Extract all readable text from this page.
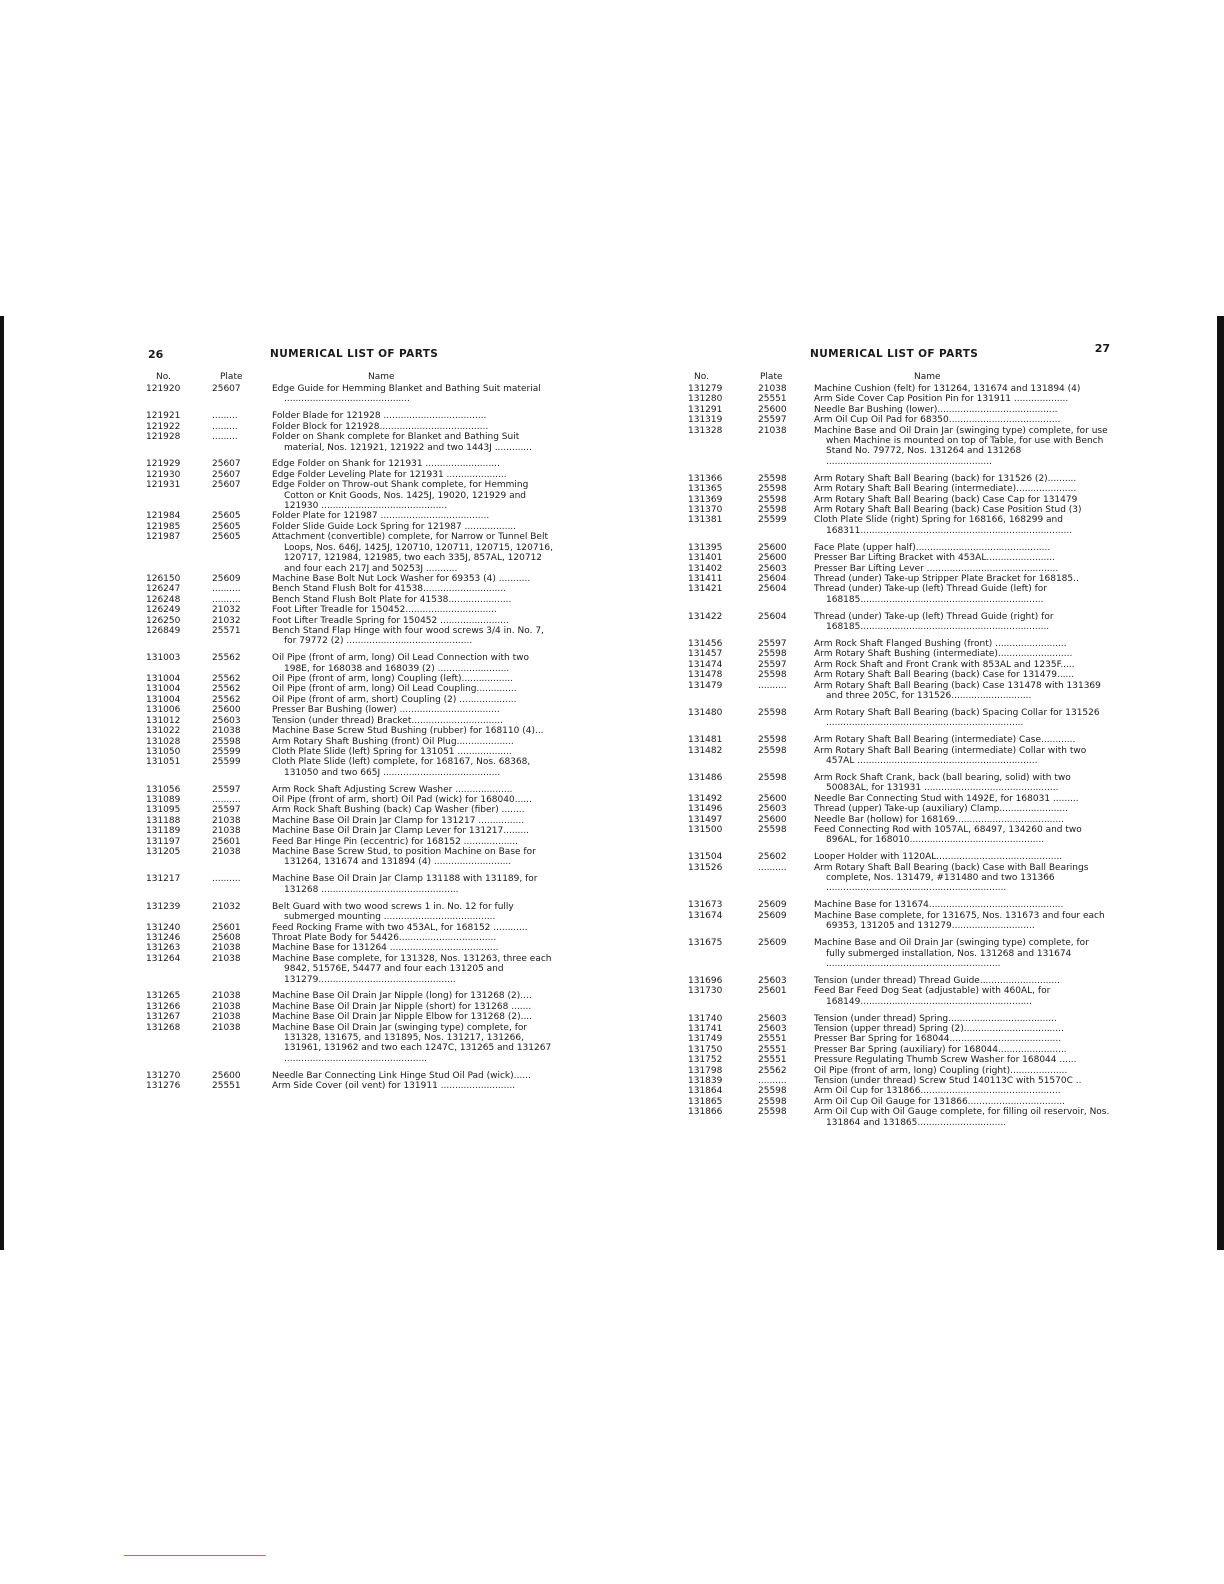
26	NUMERICAL LIST OF PARTS
No.	Plate	Name
121920	25607	Edge Guide for Hemming Blanket and Bathing Suit material ............................................
121921	.........	Folder Blade for 121928 ....................................
121922	.........	Folder Block for 121928......................................
121928	.........	Folder on Shank complete for Blanket and Bathing Suit material, Nos. 121921, 121922 and two 1443J .............
121929	25607	Edge Folder on Shank for 121931 ..........................
121930	25607	Edge Folder Leveling Plate for 121931 .....................
121931	25607	Edge Folder on Throw-out Shank complete, for Hemming Cotton or Knit Goods, Nos. 1425J, 19020, 121929 and 121930 ............................................
121984	25605	Folder Plate for 121987 ......................................
121985	25605	Folder Slide Guide Lock Spring for 121987 ..................
121987	25605	Attachment (convertible) complete, for Narrow or Tunnel Belt Loops, Nos. 646J, 1425J, 120710, 120711, 120715, 120716, 120717, 121984, 121985, two each 335J, 857AL, 120712 and four each 217J and 50253J ...........
126150	25609	Machine Base Bolt Nut Lock Washer for 69353 (4) ...........
126247	..........	Bench Stand Flush Bolt for 41538.............................
126248	..........	Bench Stand Flush Bolt Plate for 41538......................
126249	21032	Foot Lifter Treadle for 150452................................
126250	21032	Foot Lifter Treadle Spring for 150452 ........................
126849	25571	Bench Stand Flap Hinge with four wood screws 3/4 in. No. 7, for 79772 (2) ............................................
131003	25562	Oil Pipe (front of arm, long) Oil Lead Connection with two 198E, for 168038 and 168039 (2) .........................
131004	25562	Oil Pipe (front of arm, long) Coupling (left)..................
131004	25562	Oil Pipe (front of arm, long) Oil Lead Coupling..............
131004	25562	Oil Pipe (front of arm, short) Coupling (2) ....................
131006	25600	Presser Bar Bushing (lower) ...................................
131012	25603	Tension (under thread) Bracket................................
131022	21038	Machine Base Screw Stud Bushing (rubber) for 168110 (4)...
131028	25598	Arm Rotary Shaft Bushing (front) Oil Plug....................
131050	25599	Cloth Plate Slide (left) Spring for 131051 ...................
131051	25599	Cloth Plate Slide (left) complete, for 168167, Nos. 68368, 131050 and two 665J .........................................
131056	25597	Arm Rock Shaft Adjusting Screw Washer ....................
131089	..........	Oil Pipe (front of arm, short) Oil Pad (wick) for 168040......
131095	25597	Arm Rock Shaft Bushing (back) Cap Washer (fiber) ........
131188	21038	Machine Base Oil Drain Jar Clamp for 131217 ................
131189	21038	Machine Base Oil Drain Jar Clamp Lever for 131217.........
131197	25601	Feed Bar Hinge Pin (eccentric) for 168152 ...................
131205	21038	Machine Base Screw Stud, to position Machine on Base for 131264, 131674 and 131894 (4) ...........................
131217	..........	Machine Base Oil Drain Jar Clamp 131188 with 131189, for 131268 ................................................
131239	21032	Belt Guard with two wood screws 1 in. No. 12 for fully submerged mounting .......................................
131240	25601	Feed Rocking Frame with two 453AL, for 168152 ............
131246	25608	Throat Plate Body for 54426..................................
131263	21038	Machine Base for 131264 ......................................
131264	21038	Machine Base complete, for 131328, Nos. 131263, three each 9842, 51576E, 54477 and four each 131205 and 131279................................................
131265	21038	Machine Base Oil Drain Jar Nipple (long) for 131268 (2)....
131266	21038	Machine Base Oil Drain Jar Nipple (short) for 131268 .......
131267	21038	Machine Base Oil Drain Jar Nipple Elbow for 131268 (2)....
131268	21038	Machine Base Oil Drain Jar (swinging type) complete, for 131328, 131675, and 131895, Nos. 131217, 131266, 131961, 131962 and two each 1247C, 131265 and 131267 ..................................................
131270	25600	Needle Bar Connecting Link Hinge Stud Oil Pad (wick)......
131276	25551	Arm Side Cover (oil vent) for 131911 ..........................
NUMERICAL LIST OF PARTS	27
No.	Plate	Name
131279	21038	Machine Cushion (felt) for 131264, 131674 and 131894 (4)
131280	25551	Arm Side Cover Cap Position Pin for 131911 ...................
131291	25600	Needle Bar Bushing (lower)..........................................
131319	25597	Arm Oil Cup Oil Pad for 68350.......................................
131328	21038	Machine Base and Oil Drain Jar (swinging type) complete, for use when Machine is mounted on top of Table, for use with Bench Stand No. 79772, Nos. 131264 and 131268 ..........................................................
131366	25598	Arm Rotary Shaft Ball Bearing (back) for 131526 (2)..........
131365	25598	Arm Rotary Shaft Ball Bearing (intermediate).....................
131369	25598	Arm Rotary Shaft Ball Bearing (back) Case Cap for 131479
131370	25598	Arm Rotary Shaft Ball Bearing (back) Case Position Stud (3)
131381	25599	Cloth Plate Slide (right) Spring for 168166, 168299 and 168311..........................................................................
131395	25600	Face Plate (upper half)...............................................
131401	25600	Presser Bar Lifting Bracket with 453AL........................
131402	25603	Presser Bar Lifting Lever ..............................................
131411	25604	Thread (under) Take-up Stripper Plate Bracket for 168185..
131421	25604	Thread (under) Take-up (left) Thread Guide (left) for 168185................................................................
131422	25604	Thread (under) Take-up (left) Thread Guide (right) for 168185..................................................................
131456	25597	Arm Rock Shaft Flanged Bushing (front) .........................
131457	25598	Arm Rotary Shaft Bushing (intermediate)..........................
131474	25597	Arm Rock Shaft and Front Crank with 853AL and 1235F.....
131478	25598	Arm Rotary Shaft Ball Bearing (back) Case for 131479......
131479	..........	Arm Rotary Shaft Ball Bearing (back) Case 131478 with 131369 and three 205C, for 131526............................
131480	25598	Arm Rotary Shaft Ball Bearing (back) Spacing Collar for 131526 .....................................................................
131481	25598	Arm Rotary Shaft Ball Bearing (intermediate) Case............
131482	25598	Arm Rotary Shaft Ball Bearing (intermediate) Collar with two 457AL ...............................................................
131486	25598	Arm Rock Shaft Crank, back (ball bearing, solid) with two 50083AL, for 131931 ...............................................
131492	25600	Needle Bar Connecting Stud with 1492E, for 168031 .........
131496	25603	Thread (upper) Take-up (auxiliary) Clamp........................
131497	25600	Needle Bar (hollow) for 168169......................................
131500	25598	Feed Connecting Rod with 1057AL, 68497, 134260 and two 896AL, for 168010...............................................
131504	25602	Looper Holder with 1120AL............................................
131526	..........	Arm Rotary Shaft Ball Bearing (back) Case with Ball Bearings complete, Nos. 131479, #131480 and two 131366 ...............................................................
131673	25609	Machine Base for 131674...............................................
131674	25609	Machine Base complete, for 131675, Nos. 131673 and four each 69353, 131205 and 131279.............................
131675	25609	Machine Base and Oil Drain Jar (swinging type) complete, for fully submerged installation, Nos. 131268 and 131674 .............................................................
131696	25603	Tension (under thread) Thread Guide............................
131730	25601	Feed Bar Feed Dog Seat (adjustable) with 460AL, for 168149............................................................
131740	25603	Tension (under thread) Spring......................................
131741	25603	Tension (upper thread) Spring (2)...................................
131749	25551	Presser Bar Spring for 168044.......................................
131750	25551	Presser Bar Spring (auxiliary) for 168044........................
131752	25551	Pressure Regulating Thumb Screw Washer for 168044 ......
131798	25562	Oil Pipe (front of arm, long) Coupling (right)....................
131839	..........	Tension (under thread) Screw Stud 140113C with 51570C ..
131864	25598	Arm Oil Cup for 131866.................................................
131865	25598	Arm Oil Cup Oil Gauge for 131866..................................
131866	25598	Arm Oil Cup with Oil Gauge complete, for filling oil reservoir, Nos. 131864 and 131865...............................
